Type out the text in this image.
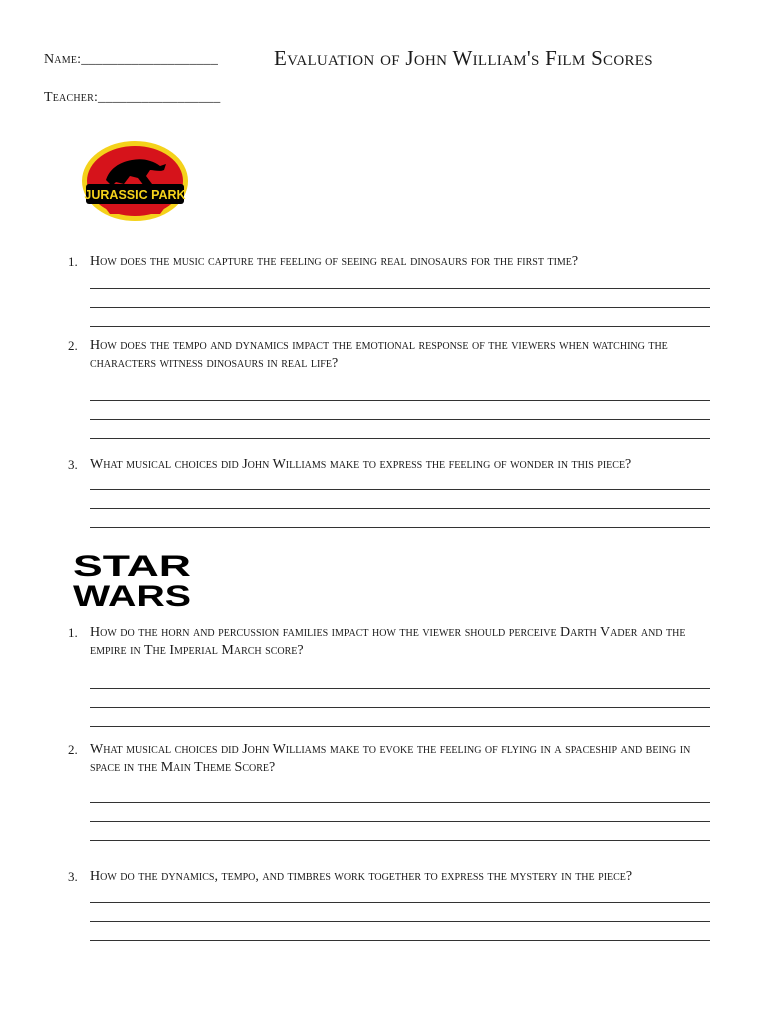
Name:___________________
Teacher:_________________
Evaluation of John William's Film Scores
JURASSIC PARK
1. How does the music capture the feeling of seeing real dinosaurs for the first time?
2. How does the tempo and dynamics impact the emotional response of the viewers when watching the characters witness dinosaurs in real life?
3. What musical choices did John Williams make to express the feeling of wonder in this piece?
STAR
WARS
1. How do the horn and percussion families impact how the viewer should perceive Darth Vader and the empire in The Imperial March score?
2. What musical choices did John Williams make to evoke the feeling of flying in a spaceship and being in space in the Main Theme Score?
3. How do the dynamics, tempo, and timbres work together to express the mystery in the piece?
